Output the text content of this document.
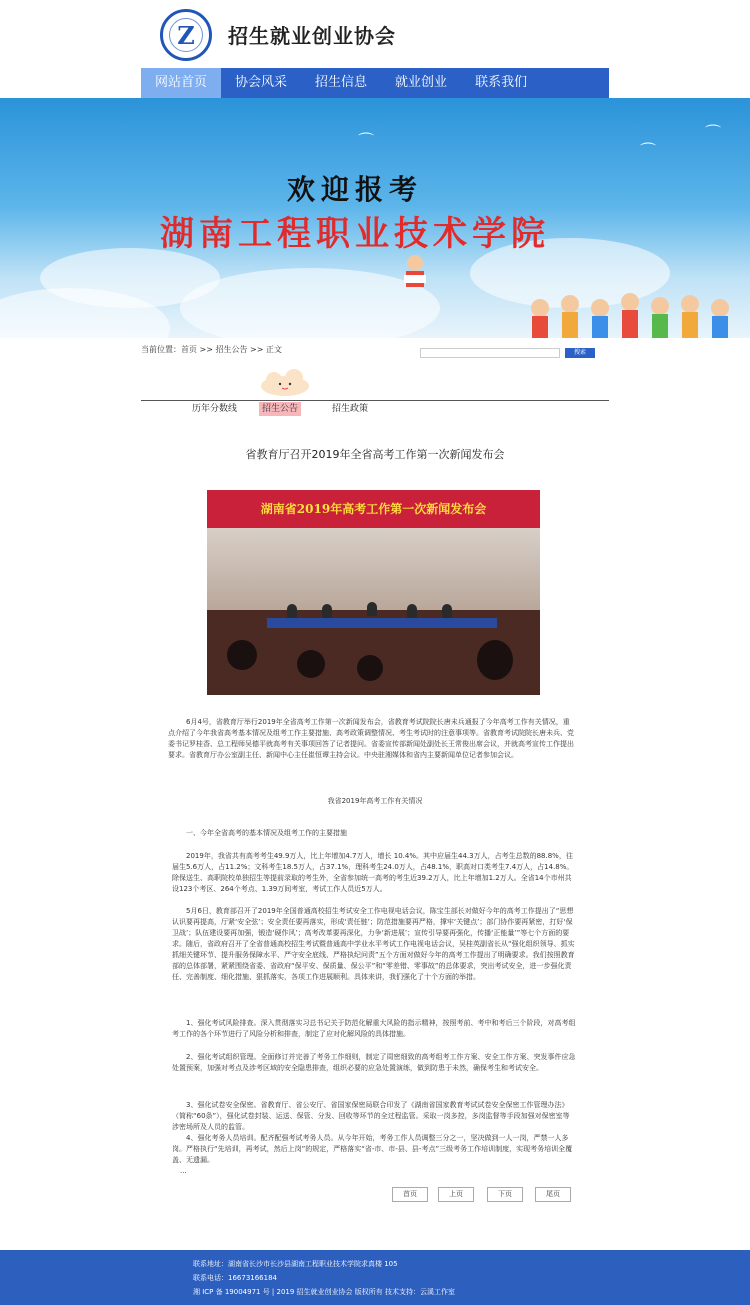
Z	招生就业创业协会
网站首页	协会风采	招生信息	就业创业	联系我们
⌒	⌒
⌒
欢迎报考
湖南工程职业技术学院
当前位置：首页 >> 招生公告 >> 正文	搜索
历年分数线	招生公告	招生政策
省教育厅召开2019年全省高考工作第一次新闻发布会
湖南省2019年高考工作第一次新闻发布会
6月4号，省教育厅举行2019年全省高考工作第一次新闻发布会，省教育考试院院长唐未兵通报了今年高考工作有关情况，重点介绍了今年我省高考基本情况及组考工作主要措施、高考政策调整情况、考生考试时的注意事项等。省教育考试院院长唐未兵、党委书记罗桂香、总工程师吴德平就高考有关事项回答了记者提问。省委宣传部新闻处副处长王常俊出席会议，并就高考宣传工作提出要求。省教育厅办公室副主任、新闻中心主任崔恒谭主持会议。中央驻湘媒体和省内主要新闻单位记者参加会议。
我省2019年高考工作有关情况
一、今年全省高考的基本情况及组考工作的主要措施
2019年，我省共有高考考生49.9万人，比上年增加4.7万人，增长 10.4%。其中应届生44.3万人，占考生总数的88.8%，往届生5.6万人，占11.2%；文科考生18.5万人，占37.1%，理科考生24.0万人，占48.1%，职高对口类考生7.4万人，占14.8%。除保送生、高职院校单独招生等提前录取的考生外，全省参加统一高考的考生近39.2万人，比上年增加1.2万人。全省14个市州共设123个考区、264个考点、1.39万间考室，考试工作人员近5万人。
5月6日，教育部召开了2019年全国普通高校招生考试安全工作电视电话会议，陈宝生部长对做好今年的高考工作提出了“思想认识要再提高，厅紧‘安全弦’；安全责任要再落实，形成‘责任链’；防范措施要再严格，撑牢‘关键点’；部门协作要再紧密，打好‘保卫战’；队伍建设要再加强，锻造‘硬作风’；高考改革要再深化，力争‘新进展’；宣传引导要再强化，传播‘正能量’”等七个方面的要求。随后，省政府召开了全省普通高校招生考试暨普通高中学业水平考试工作电视电话会议，吴桂英副省长从“强化组织领导、抓实抓细关键环节、提升服务保障水平、严守安全底线、严格执纪问责”五个方面对做好今年的高考工作提出了明确要求。我们按照教育部的总体部署，紧紧围绕省委、省政府“保平安、保质量、保公平”和“零差错、零事故”的总体要求，突出考试安全，进一步强化责任、完善制度、细化措施、狠抓落实，各项工作进展顺利。具体来讲，我们强化了十个方面的举措。
1、强化考试风险排查。深入贯彻落实习总书记关于防范化解重大风险的指示精神，按照考前、考中和考后三个阶段，对高考组考工作的各个环节进行了风险分析和排查，制定了应对化解风险的具体措施。
2、强化考试组织管理。全面修订并完善了考务工作细则，制定了周密细致的高考组考工作方案、安全工作方案、突发事件应急处置预案，加强对考点及涉考区域的安全隐患排查，组织必要的应急处置演练，做到防患于未然，确保考生和考试安全。
3、强化试卷安全保密。省教育厅、省公安厅、省国家保密局联合印发了《湖南省国家教育考试试卷安全保密工作管理办法》（简称“60条”），强化试卷封装、运送、保管、分发、回收等环节的全过程监管。采取一岗多控，多岗监督等手段加强对保密室等涉密场所及人员的监管。
4、强化考务人员培训。配齐配强考试考务人员。从今年开始，考务工作人员调整三分之一，坚决做到一人一岗，严禁一人多岗。严格执行“先培训，再考试，然后上岗”的规定，严格落实“省-市、市-县、县-考点”三级考务工作培训制度，实现考务培训全覆盖、无遗漏。
...
首页	上页	下页	尾页
联系地址：湖南省长沙市长沙县湖南工程职业技术学院求真楼 105
联系电话：16673166184
湘 ICP 备 19004971 号 | 2019 招生就业创业协会 版权所有 技术支持：云溪工作室
